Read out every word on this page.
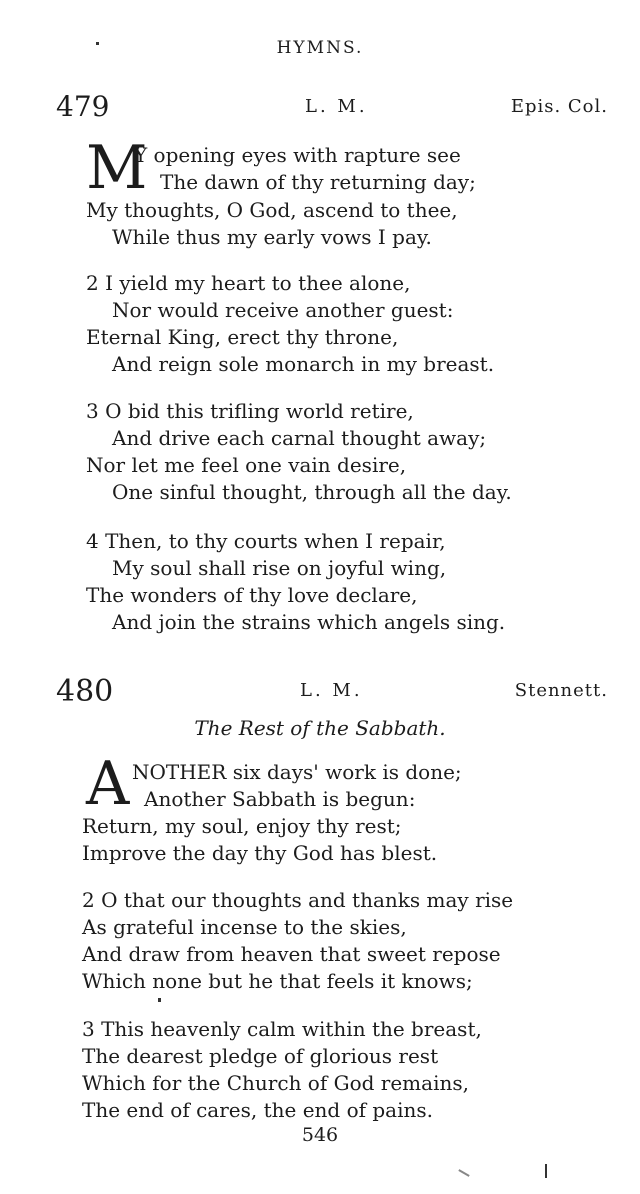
HYMNS.
479	L. M.	Epis. Col.
M
Y opening eyes with rapture see
The dawn of thy returning day;
My thoughts, O God, ascend to thee,
While thus my early vows I pay.
2 I yield my heart to thee alone,
Nor would receive another guest:
Eternal King, erect thy throne,
And reign sole monarch in my breast.
3 O bid this trifling world retire,
And drive each carnal thought away;
Nor let me feel one vain desire,
One sinful thought, through all the day.
4 Then, to thy courts when I repair,
My soul shall rise on joyful wing,
The wonders of thy love declare,
And join the strains which angels sing.
480	L. M.	Stennett.
The Rest of the Sabbath.
A NOTHER six days' work is done;
Another Sabbath is begun:
Return, my soul, enjoy thy rest;
Improve the day thy God has blest.
2 O that our thoughts and thanks may rise
As grateful incense to the skies,
And draw from heaven that sweet repose
Which none but he that feels it knows;
3 This heavenly calm within the breast,
The dearest pledge of glorious rest
Which for the Church of God remains,
The end of cares, the end of pains.
546
